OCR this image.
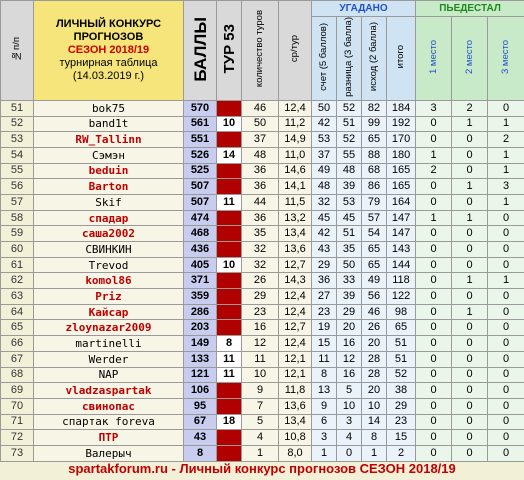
№п/п	ЛИЧНЫЙ КОНКУРС
ПРОГНОЗОВ
СЕЗОН 2018/19
турнирная таблица
(14.03.2019 г.)	БАЛЛЫ	ТУР 53	количество туров	ср/тур	УГАДАНО				ПЬЕДЕСТАЛ		
						счет (5 баллов)	разница (3 балла)	исход (2 балла)	итого	1 место	2 место	3 место
51	bok75	570		46	12,4	50	52	82	184	3	2	0
52	band1t	561	10	50	11,2	42	51	99	192	0	1	1
53	RW_Tallinn	551		37	14,9	53	52	65	170	0	0	2
54	Сэмэн	526	14	48	11,0	37	55	88	180	1	0	1
55	beduin	525		36	14,6	49	48	68	165	2	0	1
56	Barton	507		36	14,1	48	39	86	165	0	1	3
57	Skif	507	11	44	11,5	32	53	79	164	0	0	1
58	спадар	474		36	13,2	45	45	57	147	1	1	0
59	саша2002	468		35	13,4	42	51	54	147	0	0	0
60	СВИНКИН	436		32	13,6	43	35	65	143	0	0	0
61	Trevod	405	10	32	12,7	29	50	65	144	0	0	0
62	komol86	371		26	14,3	36	33	49	118	0	1	1
63	Priz	359		29	12,4	27	39	56	122	0	0	0
64	Кайсар	286		23	12,4	23	29	46	98	0	1	0
65	zloynazar2009	203		16	12,7	19	20	26	65	0	0	0
66	martinelli	149	8	12	12,4	15	16	20	51	0	0	0
67	Werder	133	11	11	12,1	11	12	28	51	0	0	0
68	NAP	121	11	10	12,1	8	16	28	52	0	0	0
69	vladzaspartak	106		9	11,8	13	5	20	38	0	0	0
70	свинопас	95		7	13,6	9	10	10	29	0	0	0
71	спартак foreva	67	18	5	13,4	6	3	14	23	0	0	0
72	ПТР	43		4	10,8	3	4	8	15	0	0	0
73	Валерыч	8		1	8,0	1	0	1	2	0	0	0
spartakforum.ru - Личный конкурс прогнозов СЕЗОН 2018/19
